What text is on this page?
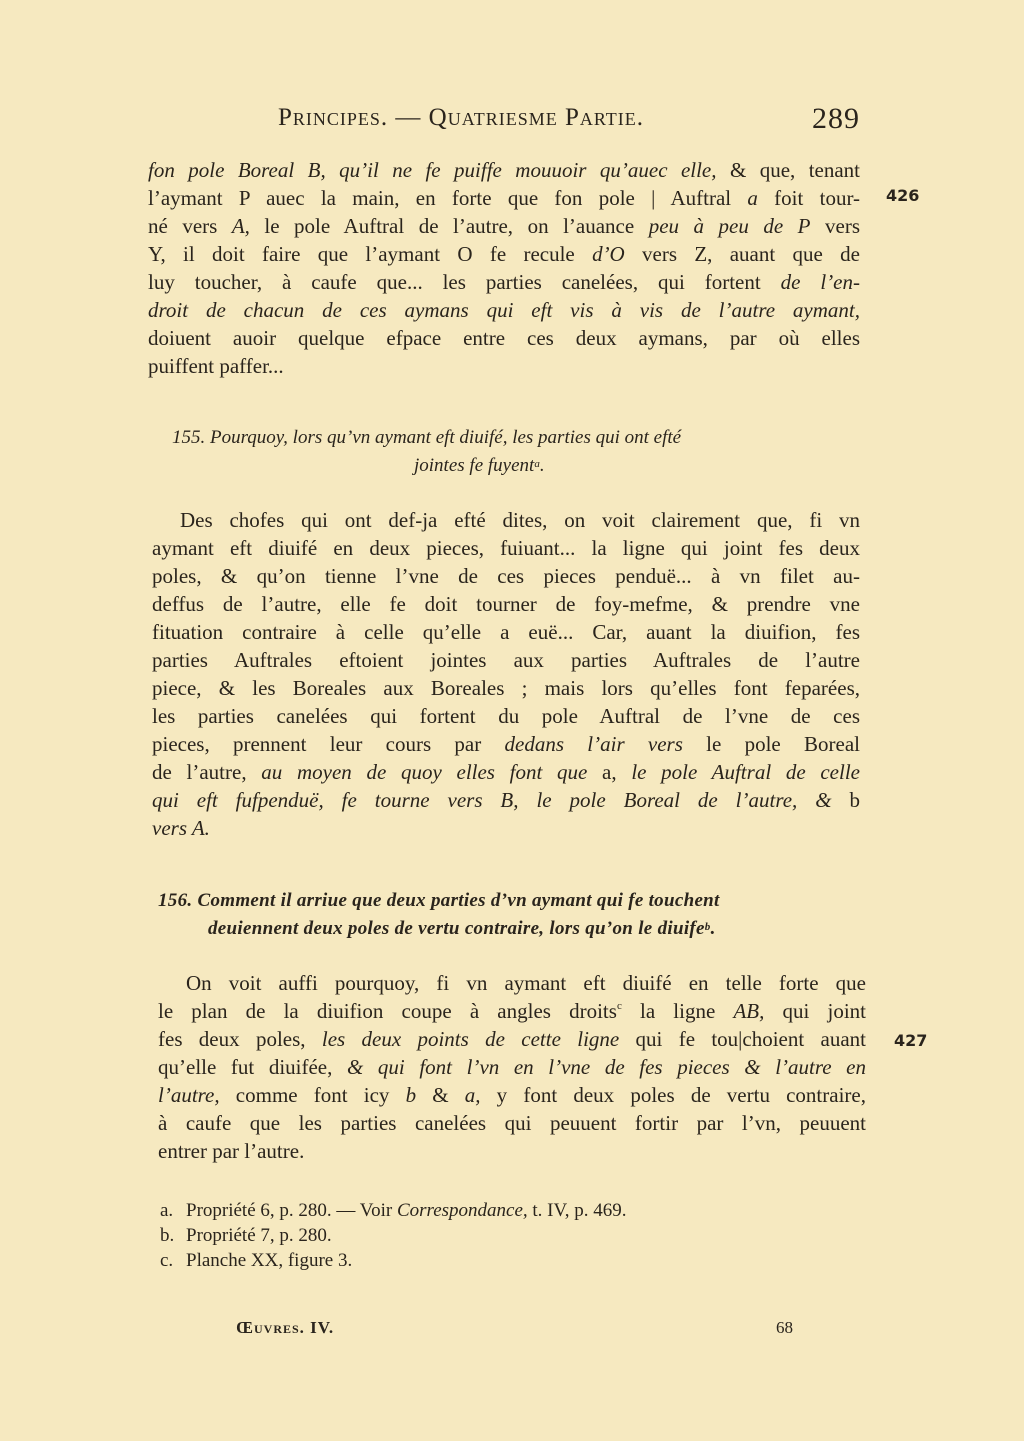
Principes. — Quatriesme Partie.	289
fon pole Boreal B, qu’il ne fe puiffe mouuoir qu’auec elle, & que, tenant
l’aymant P auec la main, en forte que fon pole | Auftral a foit tour-
né vers A, le pole Auftral de l’autre, on l’auance peu à peu de P vers
Y, il doit faire que l’aymant O fe recule d’O vers Z, auant que de
luy toucher, à caufe que... les parties canelées, qui fortent de l’en-
droit de chacun de ces aymans qui eft vis à vis de l’autre aymant,
doiuent auoir quelque efpace entre ces deux aymans, par où elles
puiffent paffer...
426
155. Pourquoy, lors qu’vn aymant eft diuifé, les parties qui ont efté
jointes fe fuyent$^a$.
Des chofes qui ont def-ja efté dites, on voit clairement que, fi vn
aymant eft diuifé en deux pieces, fuiuant... la ligne qui joint fes deux
poles, & qu’on tienne l’vne de ces pieces penduë... à vn filet au-
deffus de l’autre, elle fe doit tourner de foy-mefme, & prendre vne
fituation contraire à celle qu’elle a euë... Car, auant la diuifion, fes
parties Auftrales eftoient jointes aux parties Auftrales de l’autre
piece, & les Boreales aux Boreales ; mais lors qu’elles font feparées,
les parties canelées qui fortent du pole Auftral de l’vne de ces
pieces, prennent leur cours par dedans l’air vers le pole Boreal
de l’autre, au moyen de quoy elles font que a, le pole Auftral de celle
qui eft fufpenduë, fe tourne vers B, le pole Boreal de l’autre, & b
vers A.
156. Comment il arriue que deux parties d’vn aymant qui fe touchent
deuiennent deux poles de vertu contraire, lors qu’on le diuife$^b$.
On voit auffi pourquoy, fi vn aymant eft diuifé en telle forte que
le plan de la diuifion coupe à angles droits$^c$ la ligne AB, qui joint
fes deux poles, les deux points de cette ligne qui fe tou|choient auant
qu’elle fut diuifée, & qui font l’vn en l’vne de fes pieces & l’autre en
l’autre, comme font icy b & a, y font deux poles de vertu contraire,
à caufe que les parties canelées qui peuuent fortir par l’vn, peuuent
entrer par l’autre.
427
a. Propriété 6, p. 280. — Voir Correspondance, t. IV, p. 469.
b. Propriété 7, p. 280.
c. Planche XX, figure 3.
Œuvres. IV.	68
